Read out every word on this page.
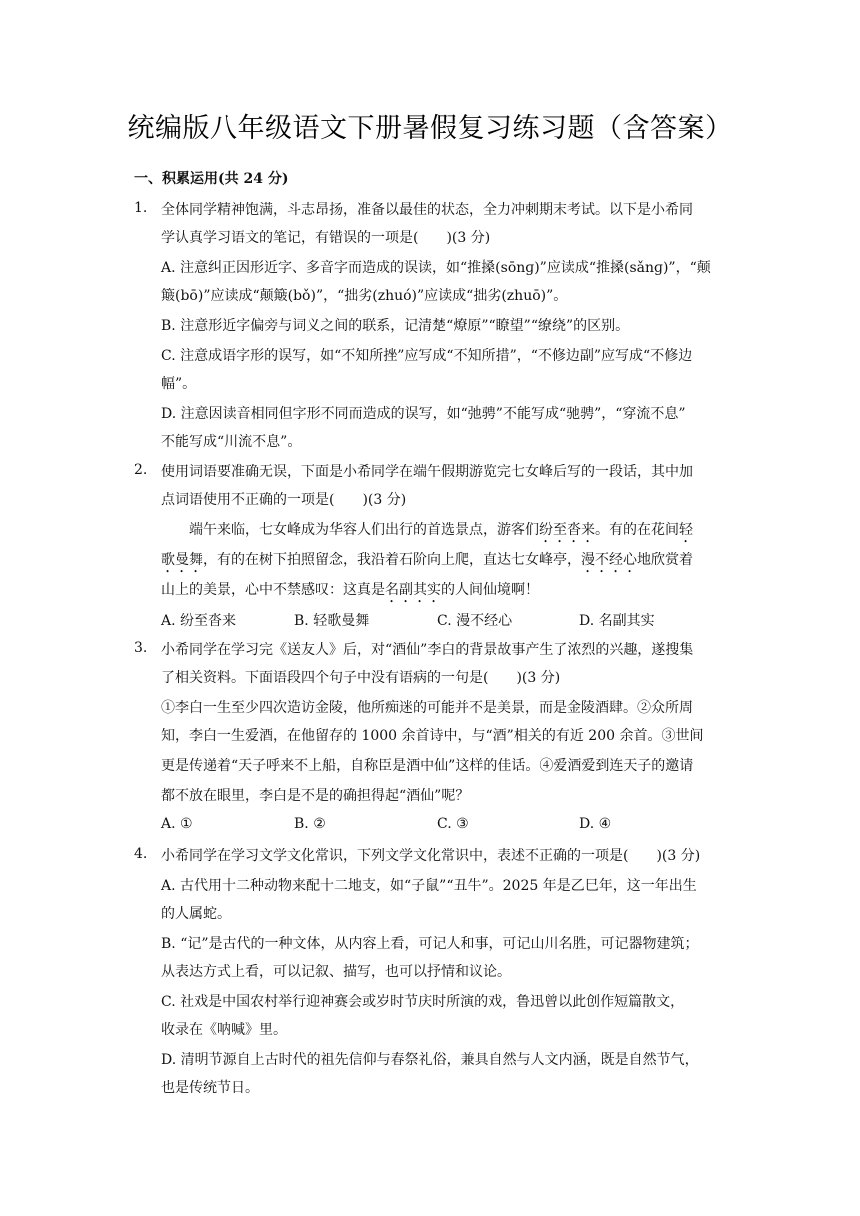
统编版八年级语文下册暑假复习练习题（含答案）
一、积累运用(共 24 分)
1. 全体同学精神饱满，斗志昂扬，准备以最佳的状态，全力冲刺期末考试。以下是小希同
学认真学习语文的笔记，有错误的一项是(　　)(3 分)
A. 注意纠正因形近字、多音字而造成的误读，如“推搡(sōnɡ)”应读成“推搡(sǎnɡ)”，“颠
簸(bō)”应读成“颠簸(bǒ)”，“拙劣(zhuó)”应读成“拙劣(zhuō)”。
B. 注意形近字偏旁与词义之间的联系，记清楚“燎原”“瞭望”“缭绕”的区别。
C. 注意成语字形的误写，如“不知所挫”应写成“不知所措”，“不修边副”应写成“不修边
幅”。
D. 注意因读音相同但字形不同而造成的误写，如“弛骋”不能写成“驰骋”，“穿流不息”
不能写成“川流不息”。
2. 使用词语要准确无误，下面是小希同学在端午假期游览完七女峰后写的一段话，其中加
点词语使用不正确的一项是(　　)(3 分)
端午来临，七女峰成为华容人们出行的首选景点，游客们纷至沓来。有的在花间轻
歌曼舞，有的在树下拍照留念，我沿着石阶向上爬，直达七女峰亭，漫不经心地欣赏着
山上的美景，心中不禁感叹：这真是名副其实的人间仙境啊！
A. 纷至沓来	B. 轻歌曼舞	C. 漫不经心	D. 名副其实
3. 小希同学在学习完《送友人》后，对“酒仙”李白的背景故事产生了浓烈的兴趣，遂搜集
了相关资料。下面语段四个句子中没有语病的一句是(　　)(3 分)
①李白一生至少四次造访金陵，他所痴迷的可能并不是美景，而是金陵酒肆。②众所周
知，李白一生爱酒，在他留存的 1000 余首诗中，与“酒”相关的有近 200 余首。③世间
更是传递着“天子呼来不上船，自称臣是酒中仙”这样的佳话。④爱酒爱到连天子的邀请
都不放在眼里，李白是不是的确担得起“酒仙”呢？
A. ①	B. ②	C. ③	D. ④
4. 小希同学在学习文学文化常识，下列文学文化常识中，表述不正确的一项是(　　)(3 分)
A. 古代用十二种动物来配十二地支，如“子鼠”“丑牛”。2025 年是乙巳年，这一年出生
的人属蛇。
B. “记”是古代的一种文体，从内容上看，可记人和事，可记山川名胜，可记器物建筑；
从表达方式上看，可以记叙、描写，也可以抒情和议论。
C. 社戏是中国农村举行迎神赛会或岁时节庆时所演的戏，鲁迅曾以此创作短篇散文，
收录在《呐喊》里。
D. 清明节源自上古时代的祖先信仰与春祭礼俗，兼具自然与人文内涵，既是自然节气，
也是传统节日。
